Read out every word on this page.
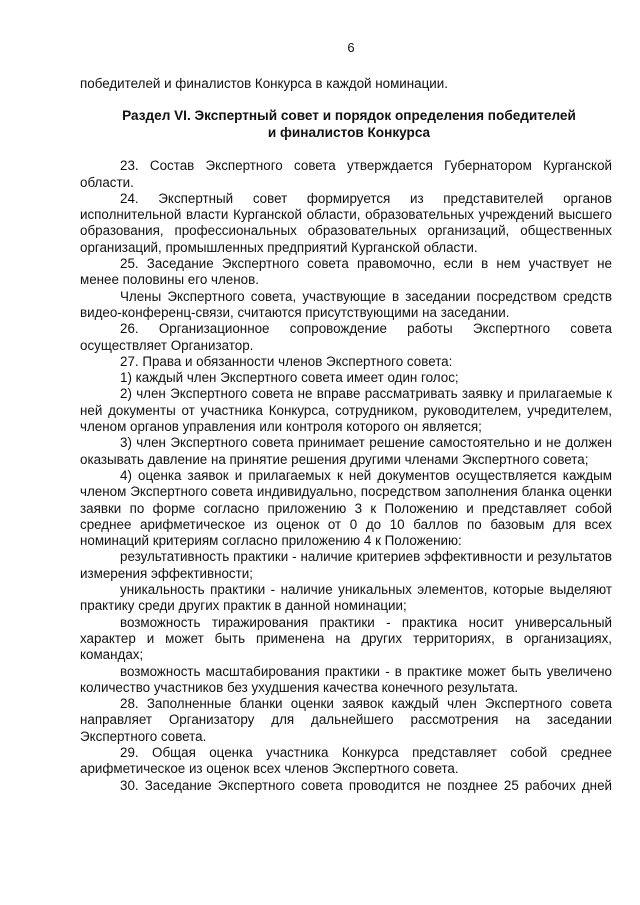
6

победителей и финалистов Конкурса в каждой номинации.

Раздел VI. Экспертный совет и порядок определения победителей
и финалистов Конкурса

23. Состав Экспертного совета утверждается Губернатором Курганской области.

24. Экспертный совет формируется из представителей органов исполнительной власти Курганской области, образовательных учреждений высшего образования, профессиональных образовательных организаций, общественных организаций, промышленных предприятий Курганской области.

25. Заседание Экспертного совета правомочно, если в нем участвует не менее половины его членов.

Члены Экспертного совета, участвующие в заседании посредством средств видео-конференц-связи, считаются присутствующими на заседании.

26. Организационное сопровождение работы Экспертного совета осуществляет Организатор.

27. Права и обязанности членов Экспертного совета:

1) каждый член Экспертного совета имеет один голос;

2) член Экспертного совета не вправе рассматривать заявку и прилагаемые к ней документы от участника Конкурса, сотрудником, руководителем, учредителем, членом органов управления или контроля которого он является;

3) член Экспертного совета принимает решение самостоятельно и не должен оказывать давление на принятие решения другими членами Экспертного совета;

4) оценка заявок и прилагаемых к ней документов осуществляется каждым членом Экспертного совета индивидуально, посредством заполнения бланка оценки заявки по форме согласно приложению 3 к Положению и представляет собой среднее арифметическое из оценок от 0 до 10 баллов по базовым для всех номинаций критериям согласно приложению 4 к Положению:

результативность практики - наличие критериев эффективности и результатов измерения эффективности;

уникальность практики - наличие уникальных элементов, которые выделяют практику среди других практик в данной номинации;

возможность тиражирования практики - практика носит универсальный характер и может быть применена на других территориях, в организациях, командах;

возможность масштабирования практики - в практике может быть увеличено количество участников без ухудшения качества конечного результата.

28. Заполненные бланки оценки заявок каждый член Экспертного совета направляет Организатору для дальнейшего рассмотрения на заседании Экспертного совета.

29. Общая оценка участника Конкурса представляет собой среднее арифметическое из оценок всех членов Экспертного совета.

30. Заседание Экспертного совета проводится не позднее 25 рабочих дней
